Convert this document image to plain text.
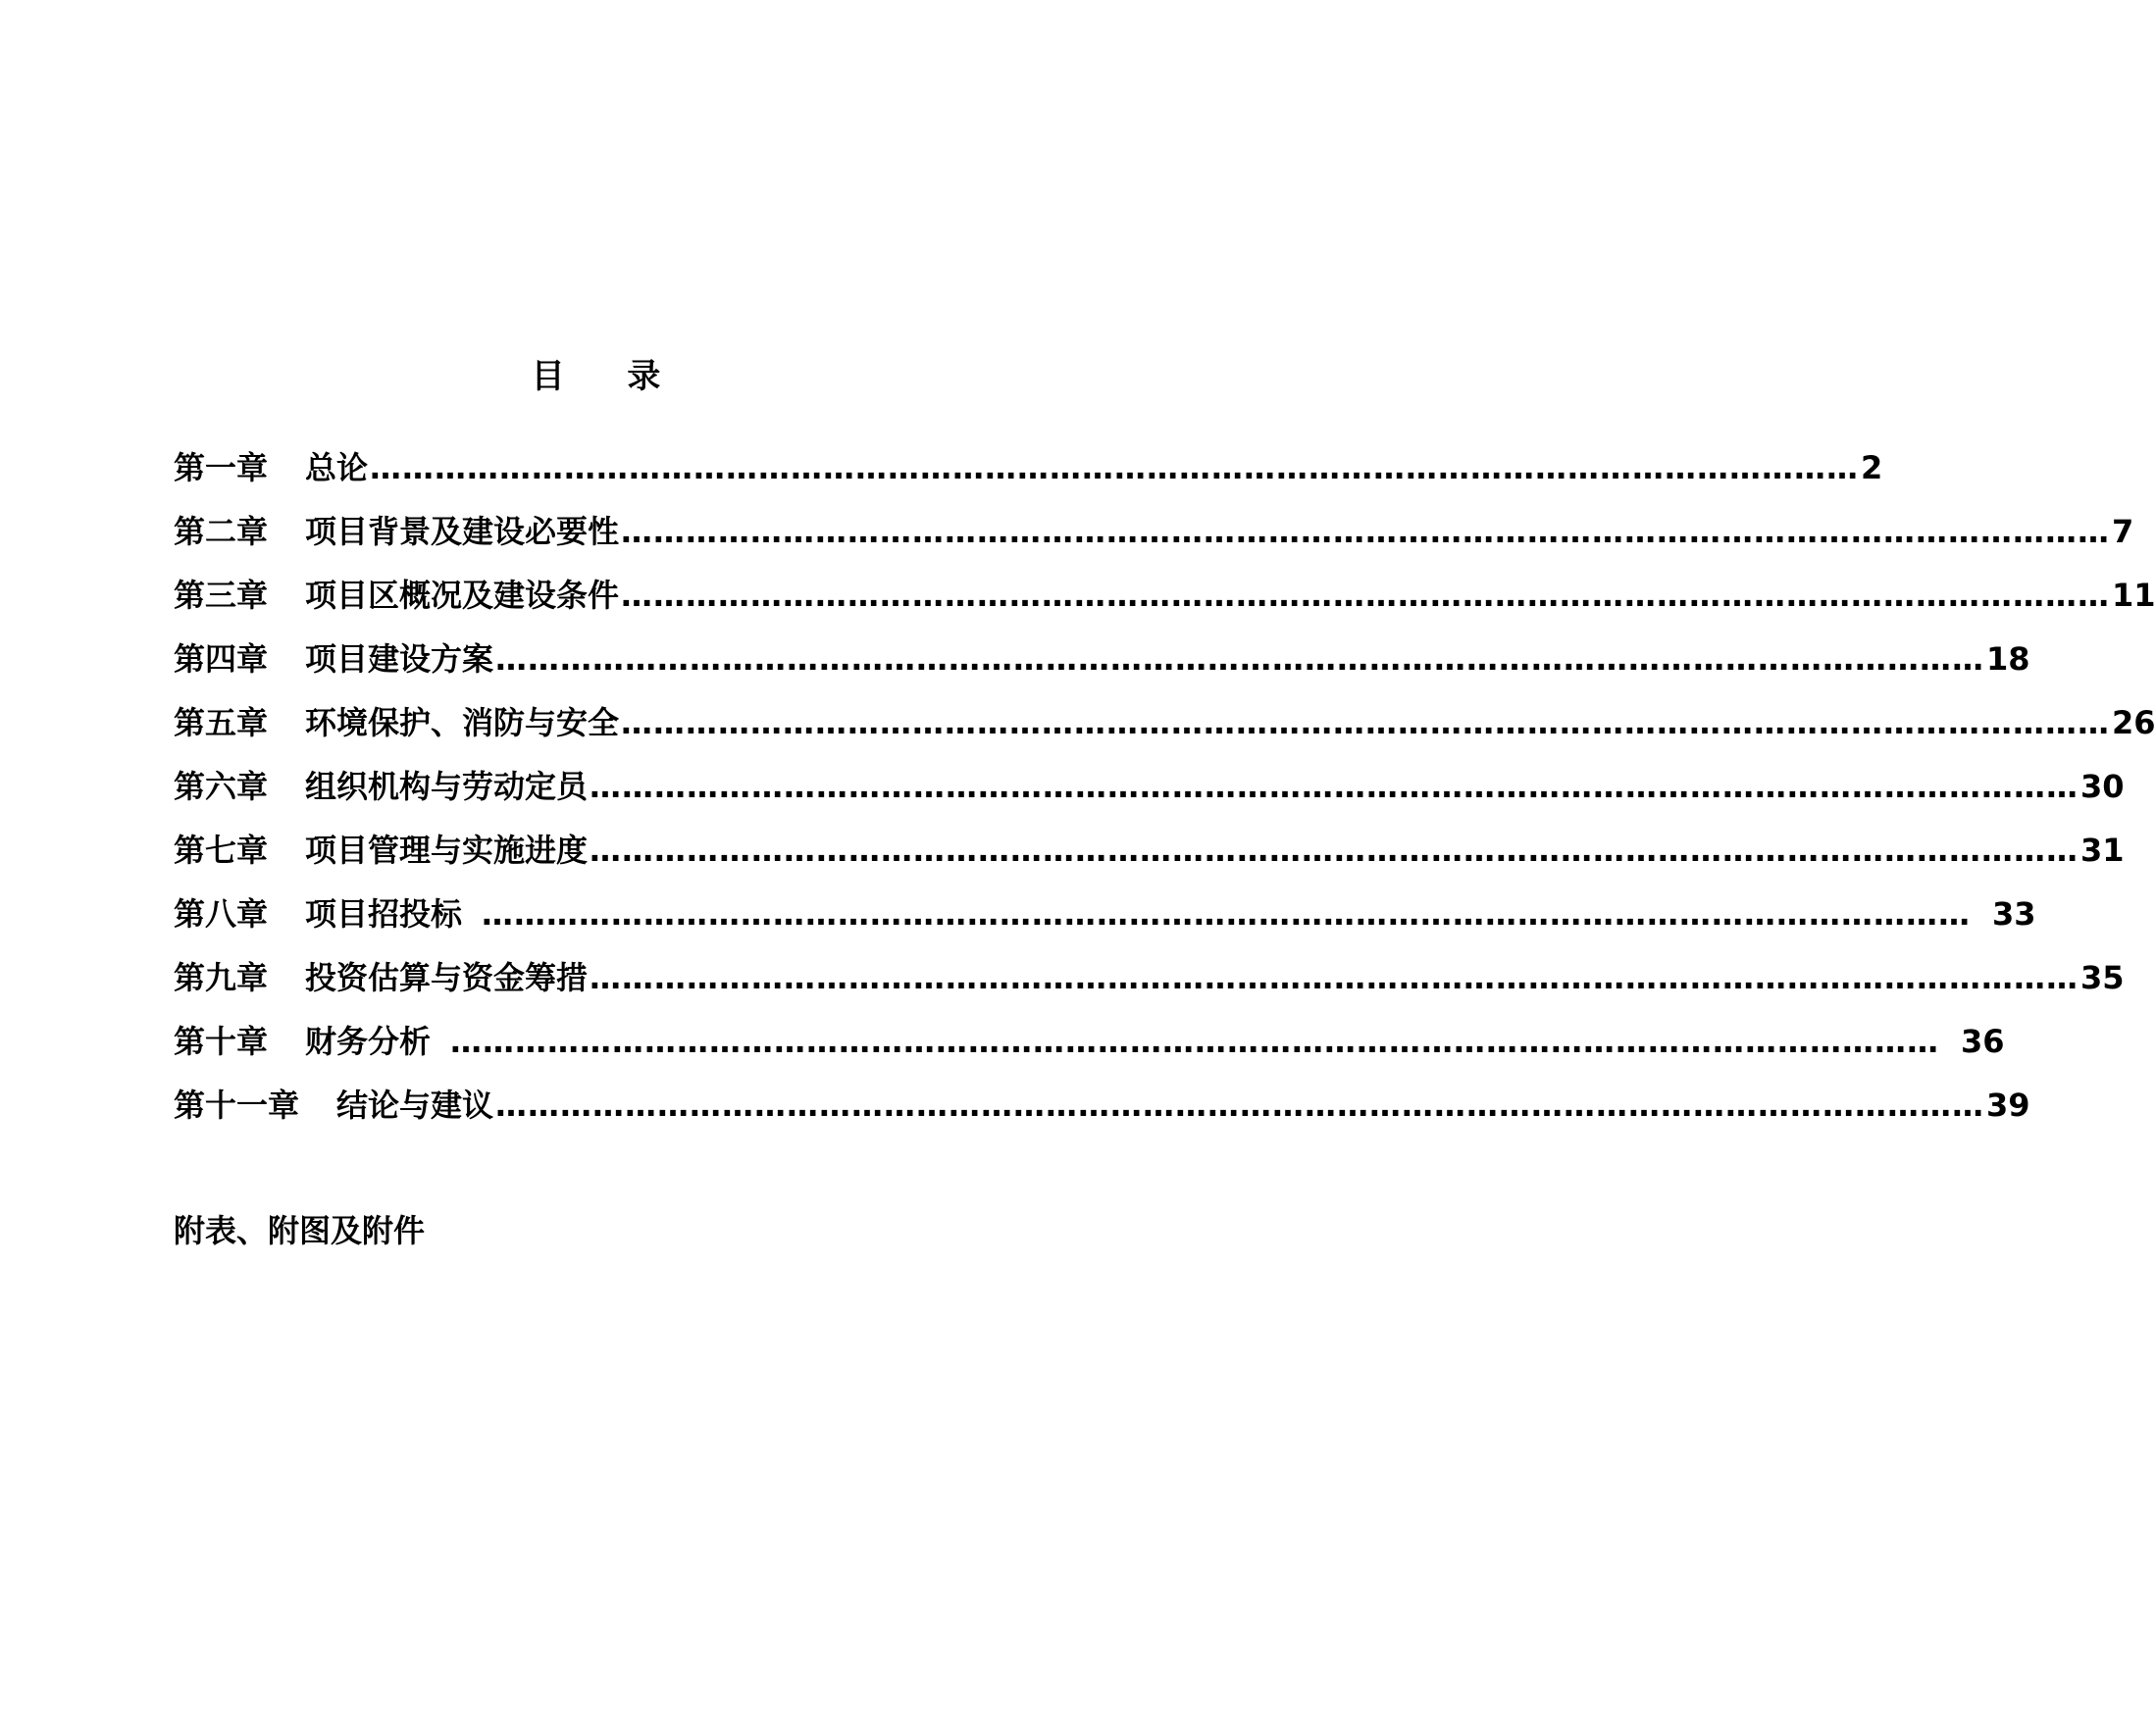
目 录
第一章 总论 ………………………………………………………………………………………………………………………… 2
第二章 项目背景及建设必要性 ………………………………………………………………………………………………………………………… 7
第三章 项目区概况及建设条件 ………………………………………………………………………………………………………………………… 11
第四章 项目建设方案 ………………………………………………………………………………………………………………………… 18
第五章 环境保护、消防与安全 ………………………………………………………………………………………………………………………… 26
第六章 组织机构与劳动定员 ………………………………………………………………………………………………………………………… 30
第七章 项目管理与实施进度 ………………………………………………………………………………………………………………………… 31
第八章 项目招投标 ………………………………………………………………………………………………………………………… 33
第九章 投资估算与资金筹措 ………………………………………………………………………………………………………………………… 35
第十章 财务分析 ………………………………………………………………………………………………………………………… 36
第十一章 结论与建议 ………………………………………………………………………………………………………………………… 39
附表、附图及附件
